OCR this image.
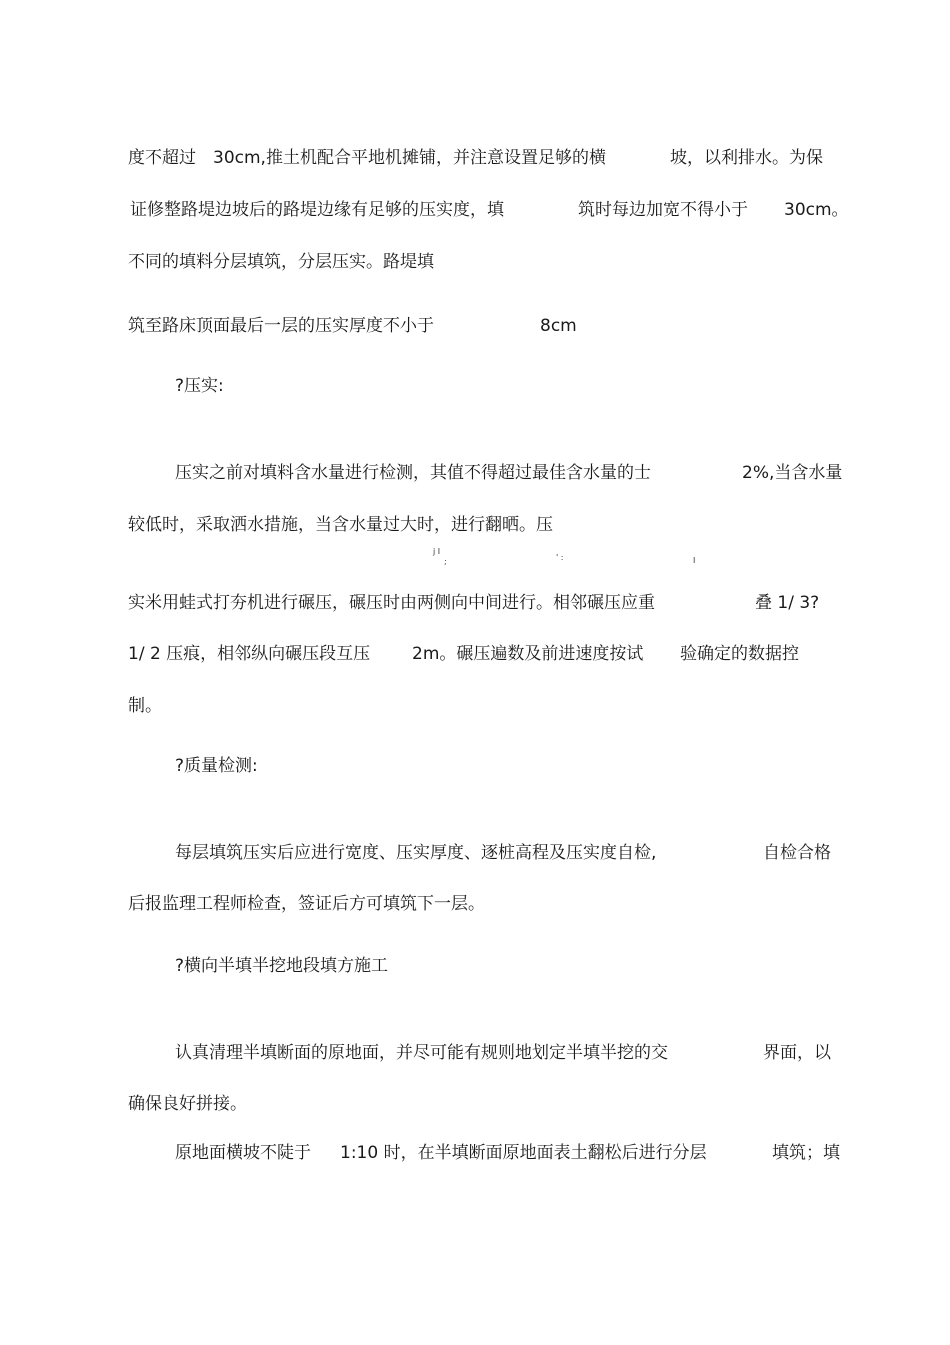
度不超过 30cm,推土机配合平地机摊铺，并注意设置足够的横	坡，以利排水。为保
证修整路堤边坡后的路堤边缘有足够的压实度，填	筑时每边加宽不得小于 30cm。
不同的填料分层填筑，分层压实。路堤填
筑至路床顶面最后一层的压实厚度不小于	8cm
?压实:
压实之前对填料含水量进行检测，其值不得超过最佳含水量的士	2%,当含水量
较低时，采取洒水措施，当含水量过大时，进行翻晒。压
j I
;	' :	I
实米用蛙式打夯机进行碾压，碾压时由两侧向中间进行。相邻碾压应重	叠 1/ 3?
1/ 2 压痕，相邻纵向碾压段互压 2m。碾压遍数及前进速度按试 验确定的数据控
制。
?质量检测:
每层填筑压实后应进行宽度、压实厚度、逐桩高程及压实度自检,	自检合格
后报监理工程师检查，签证后方可填筑下一层。
?横向半填半挖地段填方施工
认真清理半填断面的原地面，并尽可能有规则地划定半填半挖的交	界面，以
确保良好拼接。
原地面横坡不陡于 1:10 时，在半填断面原地面表土翻松后进行分层	填筑；填
